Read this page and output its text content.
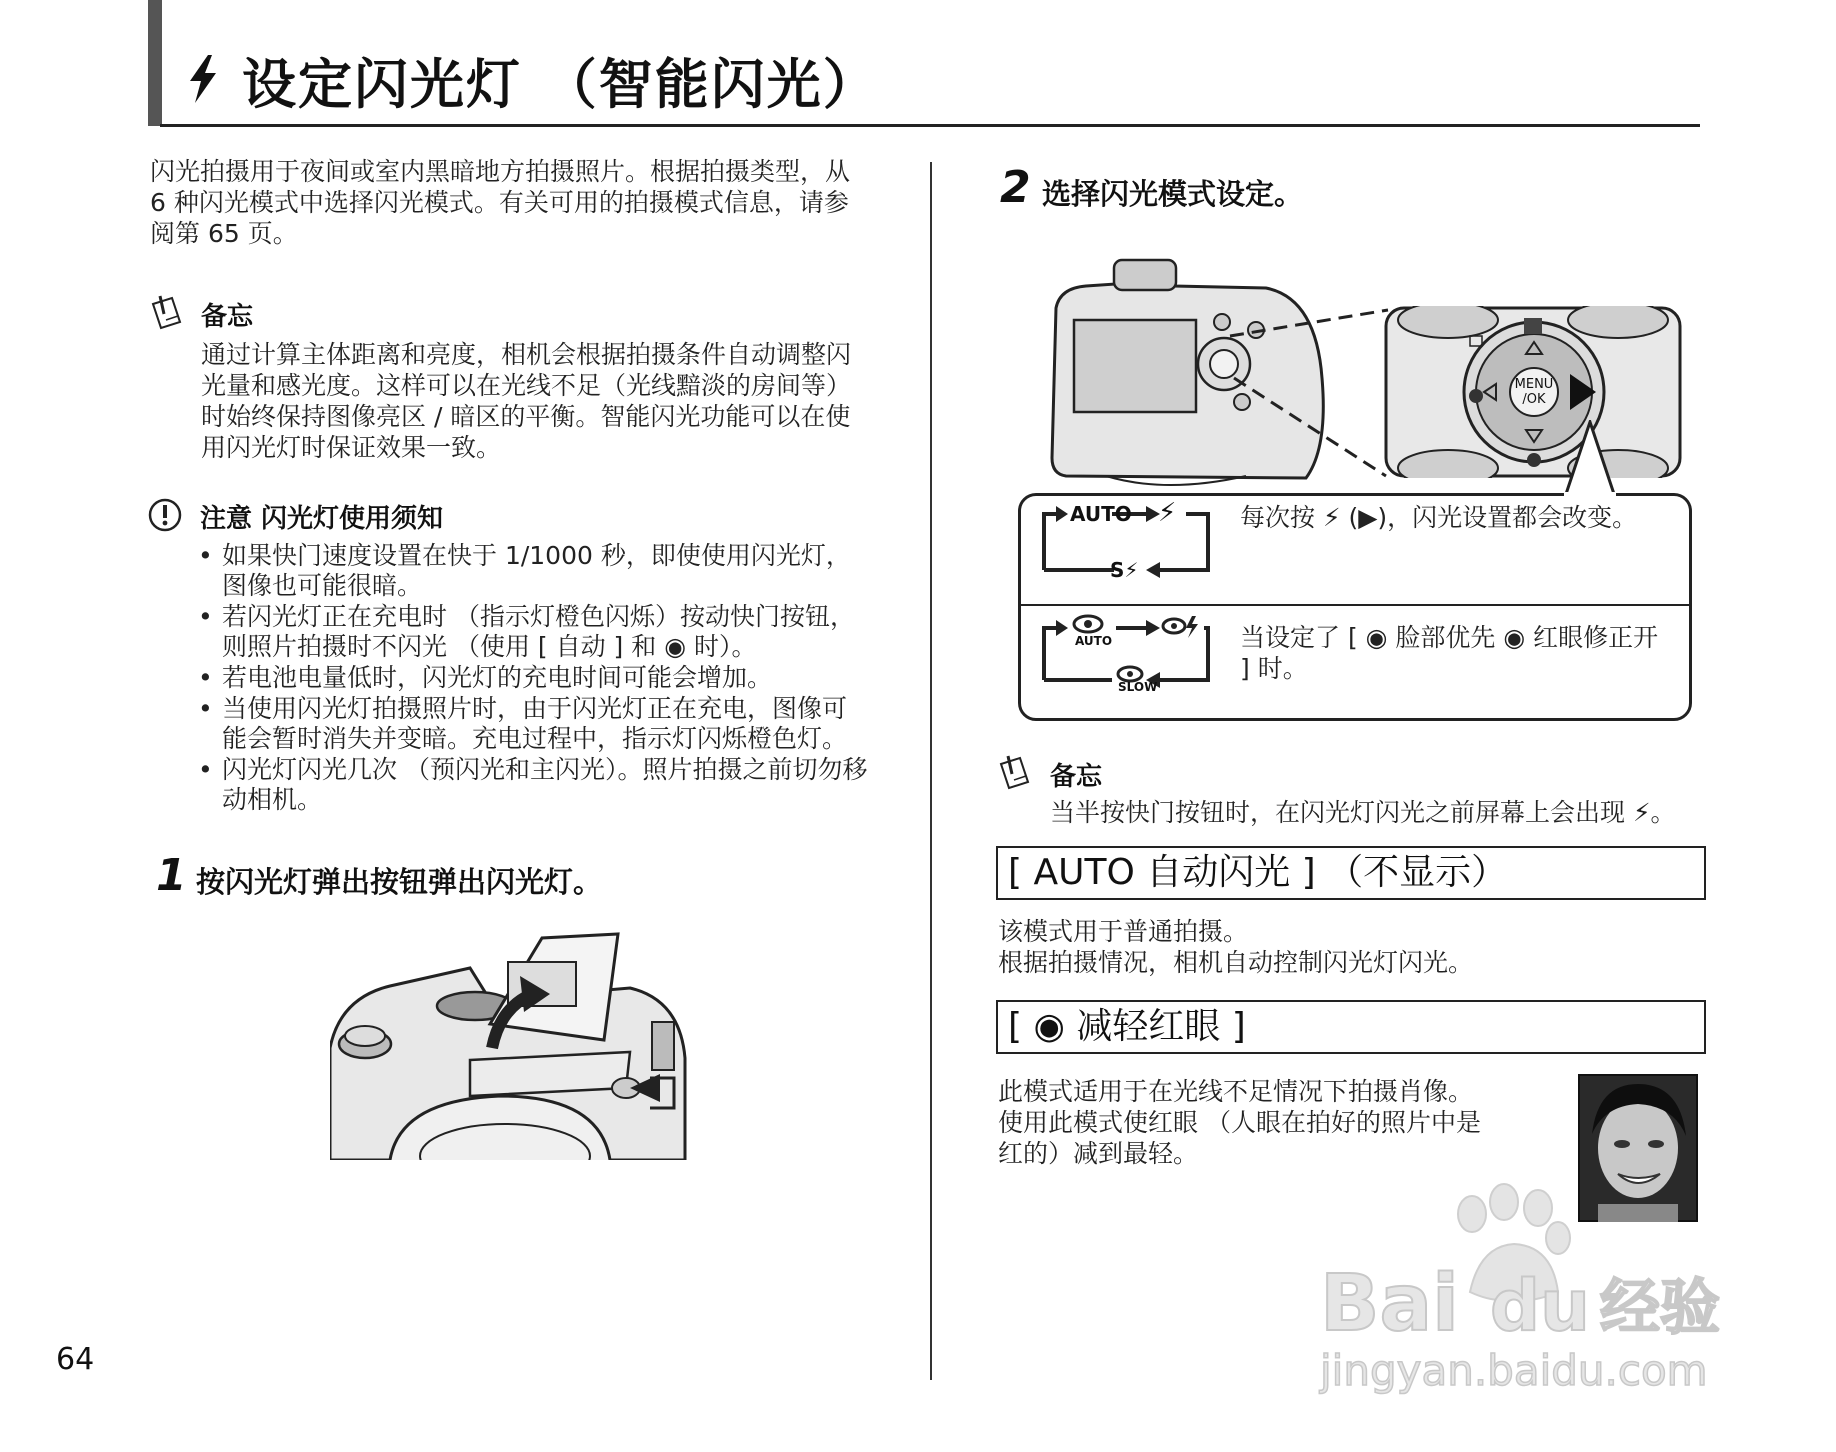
设定闪光灯 （智能闪光）
闪光拍摄用于夜间或室内黑暗地方拍摄照片。根据拍摄类型，从 6 种闪光模式中选择闪光模式。有关可用的拍摄模式信息，请参阅第 65 页。
备忘
通过计算主体距离和亮度，相机会根据拍摄条件自动调整闪光量和感光度。这样可以在光线不足（光线黯淡的房间等）时始终保持图像亮区 / 暗区的平衡。智能闪光功能可以在使用闪光灯时保证效果一致。
注意 闪光灯使用须知
• 如果快门速度设置在快于 1/1000 秒，即使使用闪光灯，图像也可能很暗。
• 若闪光灯正在充电时 （指示灯橙色闪烁）按动快门按钮，则照片拍摄时不闪光 （使用 [ 自动 ] 和 ◉ 时）。
• 若电池电量低时，闪光灯的充电时间可能会增加。
• 当使用闪光灯拍摄照片时，由于闪光灯正在充电，图像可能会暂时消失并变暗。充电过程中，指示灯闪烁橙色灯。
• 闪光灯闪光几次 （预闪光和主闪光）。照片拍摄之前切勿移动相机。
1 按闪光灯弹出按钮弹出闪光灯。
2 选择闪光模式设定。
MENU
/OK
AUTO ⚡
S⚡
每次按 ⚡ (▶)，闪光设置都会改变。
AUTO
SLOW
当设定了 [ ◉ 脸部优先 ◉ 红眼修正开 ] 时。
备忘
当半按快门按钮时，在闪光灯闪光之前屏幕上会出现 ⚡。
[ AUTO 自动闪光 ] （不显示）
该模式用于普通拍摄。
根据拍摄情况，相机自动控制闪光灯闪光。
[ ◉ 减轻红眼 ]
此模式适用于在光线不足情况下拍摄肖像。
使用此模式使红眼 （人眼在拍好的照片中是
红的）减到最轻。
64
Bai du 经验
jingyan.baidu.com
